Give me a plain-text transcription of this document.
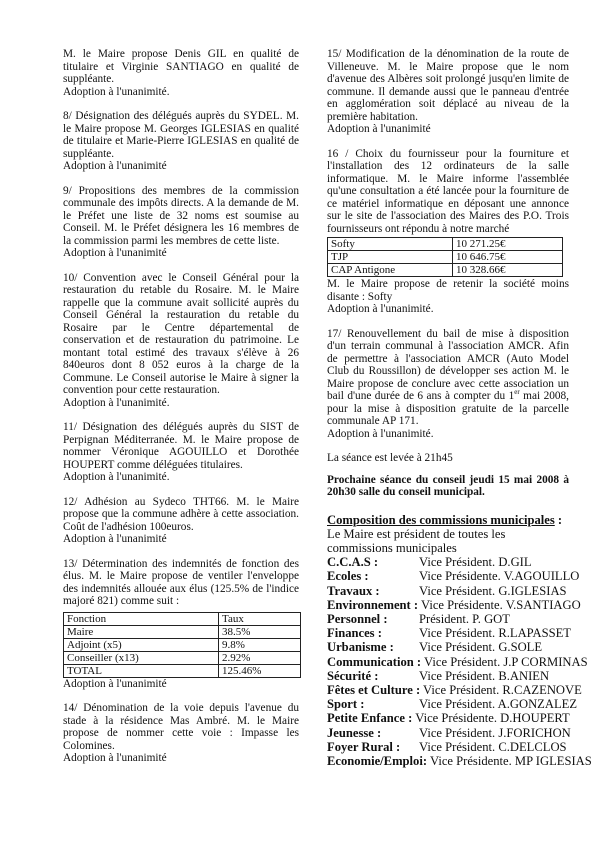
M. le Maire propose Denis GIL en qualité de titulaire et Virginie SANTIAGO en qualité de suppléante.

Adoption à l'unanimité.

8/ Désignation des délégués auprès du SYDEL. M. le Maire propose M. Georges IGLESIAS en qualité de titulaire et Marie-Pierre IGLESIAS en qualité de suppléante.

Adoption à l'unanimité

9/ Propositions des membres de la commission communale des impôts directs. A la demande de M. le Préfet une liste de 32 noms est soumise au Conseil. M. le Préfet désignera les 16 membres de la commission parmi les membres de cette liste.

Adoption à l'unanimité

10/ Convention avec le Conseil Général pour la restauration du retable du Rosaire. M. le Maire rappelle que la commune avait sollicité auprès du Conseil Général la restauration du retable du Rosaire par le Centre départemental de conservation et de restauration du patrimoine. Le montant total estimé des travaux s'élève à 26 840euros dont 8 052 euros à la charge de la Commune. Le Conseil autorise le Maire à signer la convention pour cette restauration.

Adoption à l'unanimité.

11/ Désignation des délégués auprès du SIST de Perpignan Méditerranée. M. le Maire propose de nommer Véronique AGOUILLO et Dorothée HOUPERT comme déléguées titulaires.

Adoption à l'unanimité.

12/ Adhésion au Sydeco THT66. M. le Maire propose que la commune adhère à cette association. Coût de l'adhésion 100euros.

Adoption à l'unanimité

13/ Détermination des indemnités de fonction des élus. M. le Maire propose de ventiler l'enveloppe des indemnités allouée aux élus (125.5% de l'indice majoré 821) comme suit :

Fonction	Taux
Maire	38.5%
Adjoint (x5)	9.8%
Conseiller (x13)	2.92%
TOTAL	125.46%

Adoption à l'unanimité

14/ Dénomination de la voie depuis l'avenue du stade à la résidence Mas Ambré. M. le Maire propose de nommer cette voie : Impasse les Colomines.

Adoption à l'unanimité

15/ Modification de la dénomination de la route de Villeneuve. M. le Maire propose que le nom d'avenue des Albères soit prolongé jusqu'en limite de commune. Il demande aussi que le panneau d'entrée en agglomération soit déplacé au niveau de la première habitation.

Adoption à l'unanimité

16 / Choix du fournisseur pour la fourniture et l'installation des 12 ordinateurs de la salle informatique. M. le Maire informe l'assemblée qu'une consultation a été lancée pour la fourniture de ce matériel informatique en déposant une annonce sur le site de l'association des Maires des P.O. Trois fournisseurs ont répondu à notre marché

Softy	10 271.25€
TJP	10 646.75€
CAP Antigone	10 328.66€

M. le Maire propose de retenir la société moins disante : Softy

Adoption à l'unanimité.

17/ Renouvellement du bail de mise à disposition d'un terrain communal à l'association AMCR. Afin de permettre à l'association AMCR (Auto Model Club du Roussillon) de développer ses action M. le Maire propose de conclure avec cette association un bail d'une durée de 6 ans à compter du 1er mai 2008, pour la mise à disposition gratuite de la parcelle communale AP 171.

Adoption à l'unanimité.

La séance est levée à 21h45

Prochaine séance du conseil jeudi 15 mai 2008 à 20h30 salle du conseil municipal.

Composition des commissions municipales :
Le Maire est président de toutes les commissions municipales
C.C.A.S :	Vice Président. D.GIL
Ecoles :	Vice Présidente. V.AGOUILLO
Travaux :	Vice Président. G.IGLESIAS
Environnement : Vice Présidente. V.SANTIAGO
Personnel : Président. P. GOT
Finances :	Vice Président. R.LAPASSET
Urbanisme : Vice Président. G.SOLE
Communication : Vice Président. J.P CORMINAS
Sécurité :	Vice Président. B.ANIEN
Fêtes et Culture : Vice Président. R.CAZENOVE
Sport :	Vice Président. A.GONZALEZ
Petite Enfance : Vice Présidente. D.HOUPERT
Jeunesse :	Vice Président. J.FORICHON
Foyer Rural : Vice Président. C.DELCLOS
Economie/Emploi: Vice Présidente. MP IGLESIAS
